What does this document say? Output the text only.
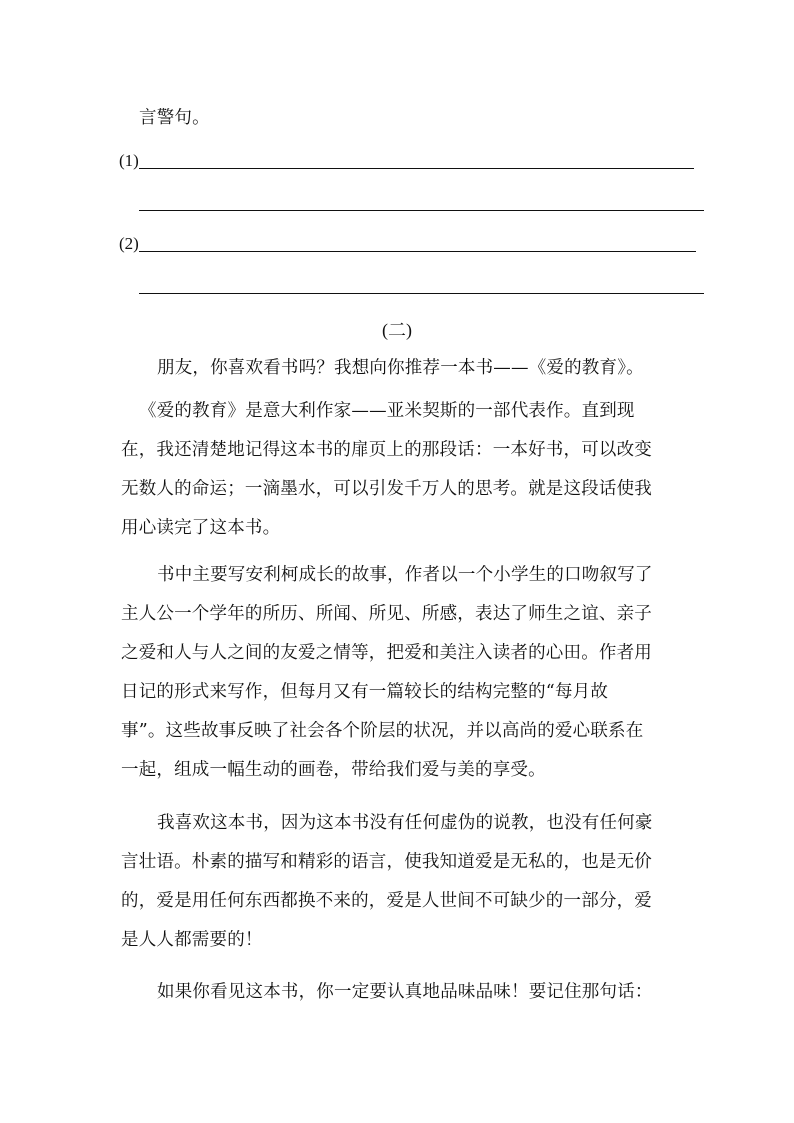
言警句。
(1)
(2)
(二)
朋友，你喜欢看书吗？我想向你推荐一本书——《爱的教育》。
《爱的教育》是意大利作家——亚米契斯的一部代表作。直到现
在，我还清楚地记得这本书的扉页上的那段话：一本好书，可以改变
无数人的命运；一滴墨水，可以引发千万人的思考。就是这段话使我
用心读完了这本书。
书中主要写安利柯成长的故事，作者以一个小学生的口吻叙写了
主人公一个学年的所历、所闻、所见、所感，表达了师生之谊、亲子
之爱和人与人之间的友爱之情等，把爱和美注入读者的心田。作者用
日记的形式来写作，但每月又有一篇较长的结构完整的“每月故
事”。这些故事反映了社会各个阶层的状况，并以高尚的爱心联系在
一起，组成一幅生动的画卷，带给我们爱与美的享受。
我喜欢这本书，因为这本书没有任何虚伪的说教，也没有任何豪
言壮语。朴素的描写和精彩的语言，使我知道爱是无私的，也是无价
的，爱是用任何东西都换不来的，爱是人世间不可缺少的一部分，爱
是人人都需要的！
如果你看见这本书，你一定要认真地品味品味！要记住那句话：
